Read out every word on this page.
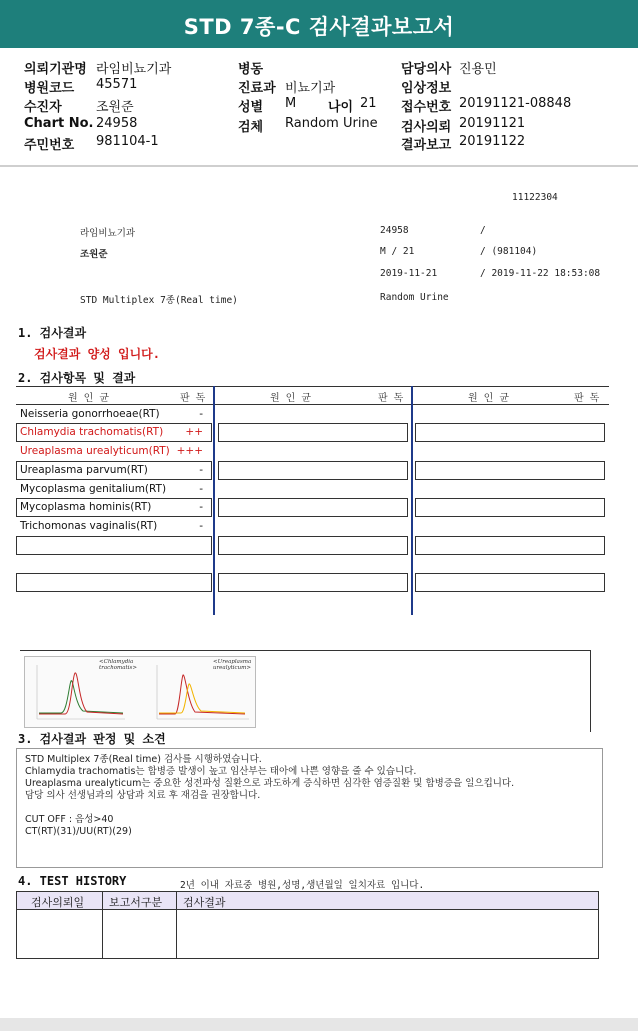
STD 7종-C 검사결과보고서
의뢰기관명 라임비뇨기과
병원코드 45571
수진자	조원준
Chart No. 24958
주민번호 981104-1
병동
진료과 비뇨기과
성별 M 나이 21
검체 Random Urine
담당의사 진용민
임상정보
접수번호 20191121-08848
검사의뢰 20191121
결과보고 20191122
11122304
라임비뇨기과	24958	/
조원준	M / 21	/ (981104)
2019-11-21	/ 2019-11-22 18:53:08
STD Multiplex 7종(Real time)	Random Urine
1. 검사결과
검사결과 양성 입니다.
2. 검사항목 및 결과
원 인 균	판 독	원 인 균	판 독	원 인 균	판 독
Neisseria gonorrhoeae(RT)	-
Chlamydia trachomatis(RT) ++
Ureaplasma urealyticum(RT) +++
Ureaplasma parvum(RT)	-
Mycoplasma genitalium(RT)	-
Mycoplasma hominis(RT)	-
Trichomonas vaginalis(RT)	-
<Chlamydia trachomatis>
<Ureaplasma urealyticum>
3. 검사결과 판정 및 소견
STD Multiplex 7종(Real time) 검사를 시행하였습니다.
Chlamydia trachomatis는 합병증 발생이 높고 임산부는 태아에 나쁜 영향을 줄 수 있습니다.
Ureaplasma urealyticum는 중요한 성전파성 질환으로 과도하게 증식하면 심각한 염증질환 및 합병증을 일으킵니다.
담당 의사 선생님과의 상담과 치료 후 재검을 권장합니다.
CUT OFF : 음성>40
CT(RT)(31)/UU(RT)(29)
4. TEST HISTORY	2년 이내 자료중 병원,성명,생년월일 일치자료 입니다.
검사의뢰일	보고서구분	검사결과
